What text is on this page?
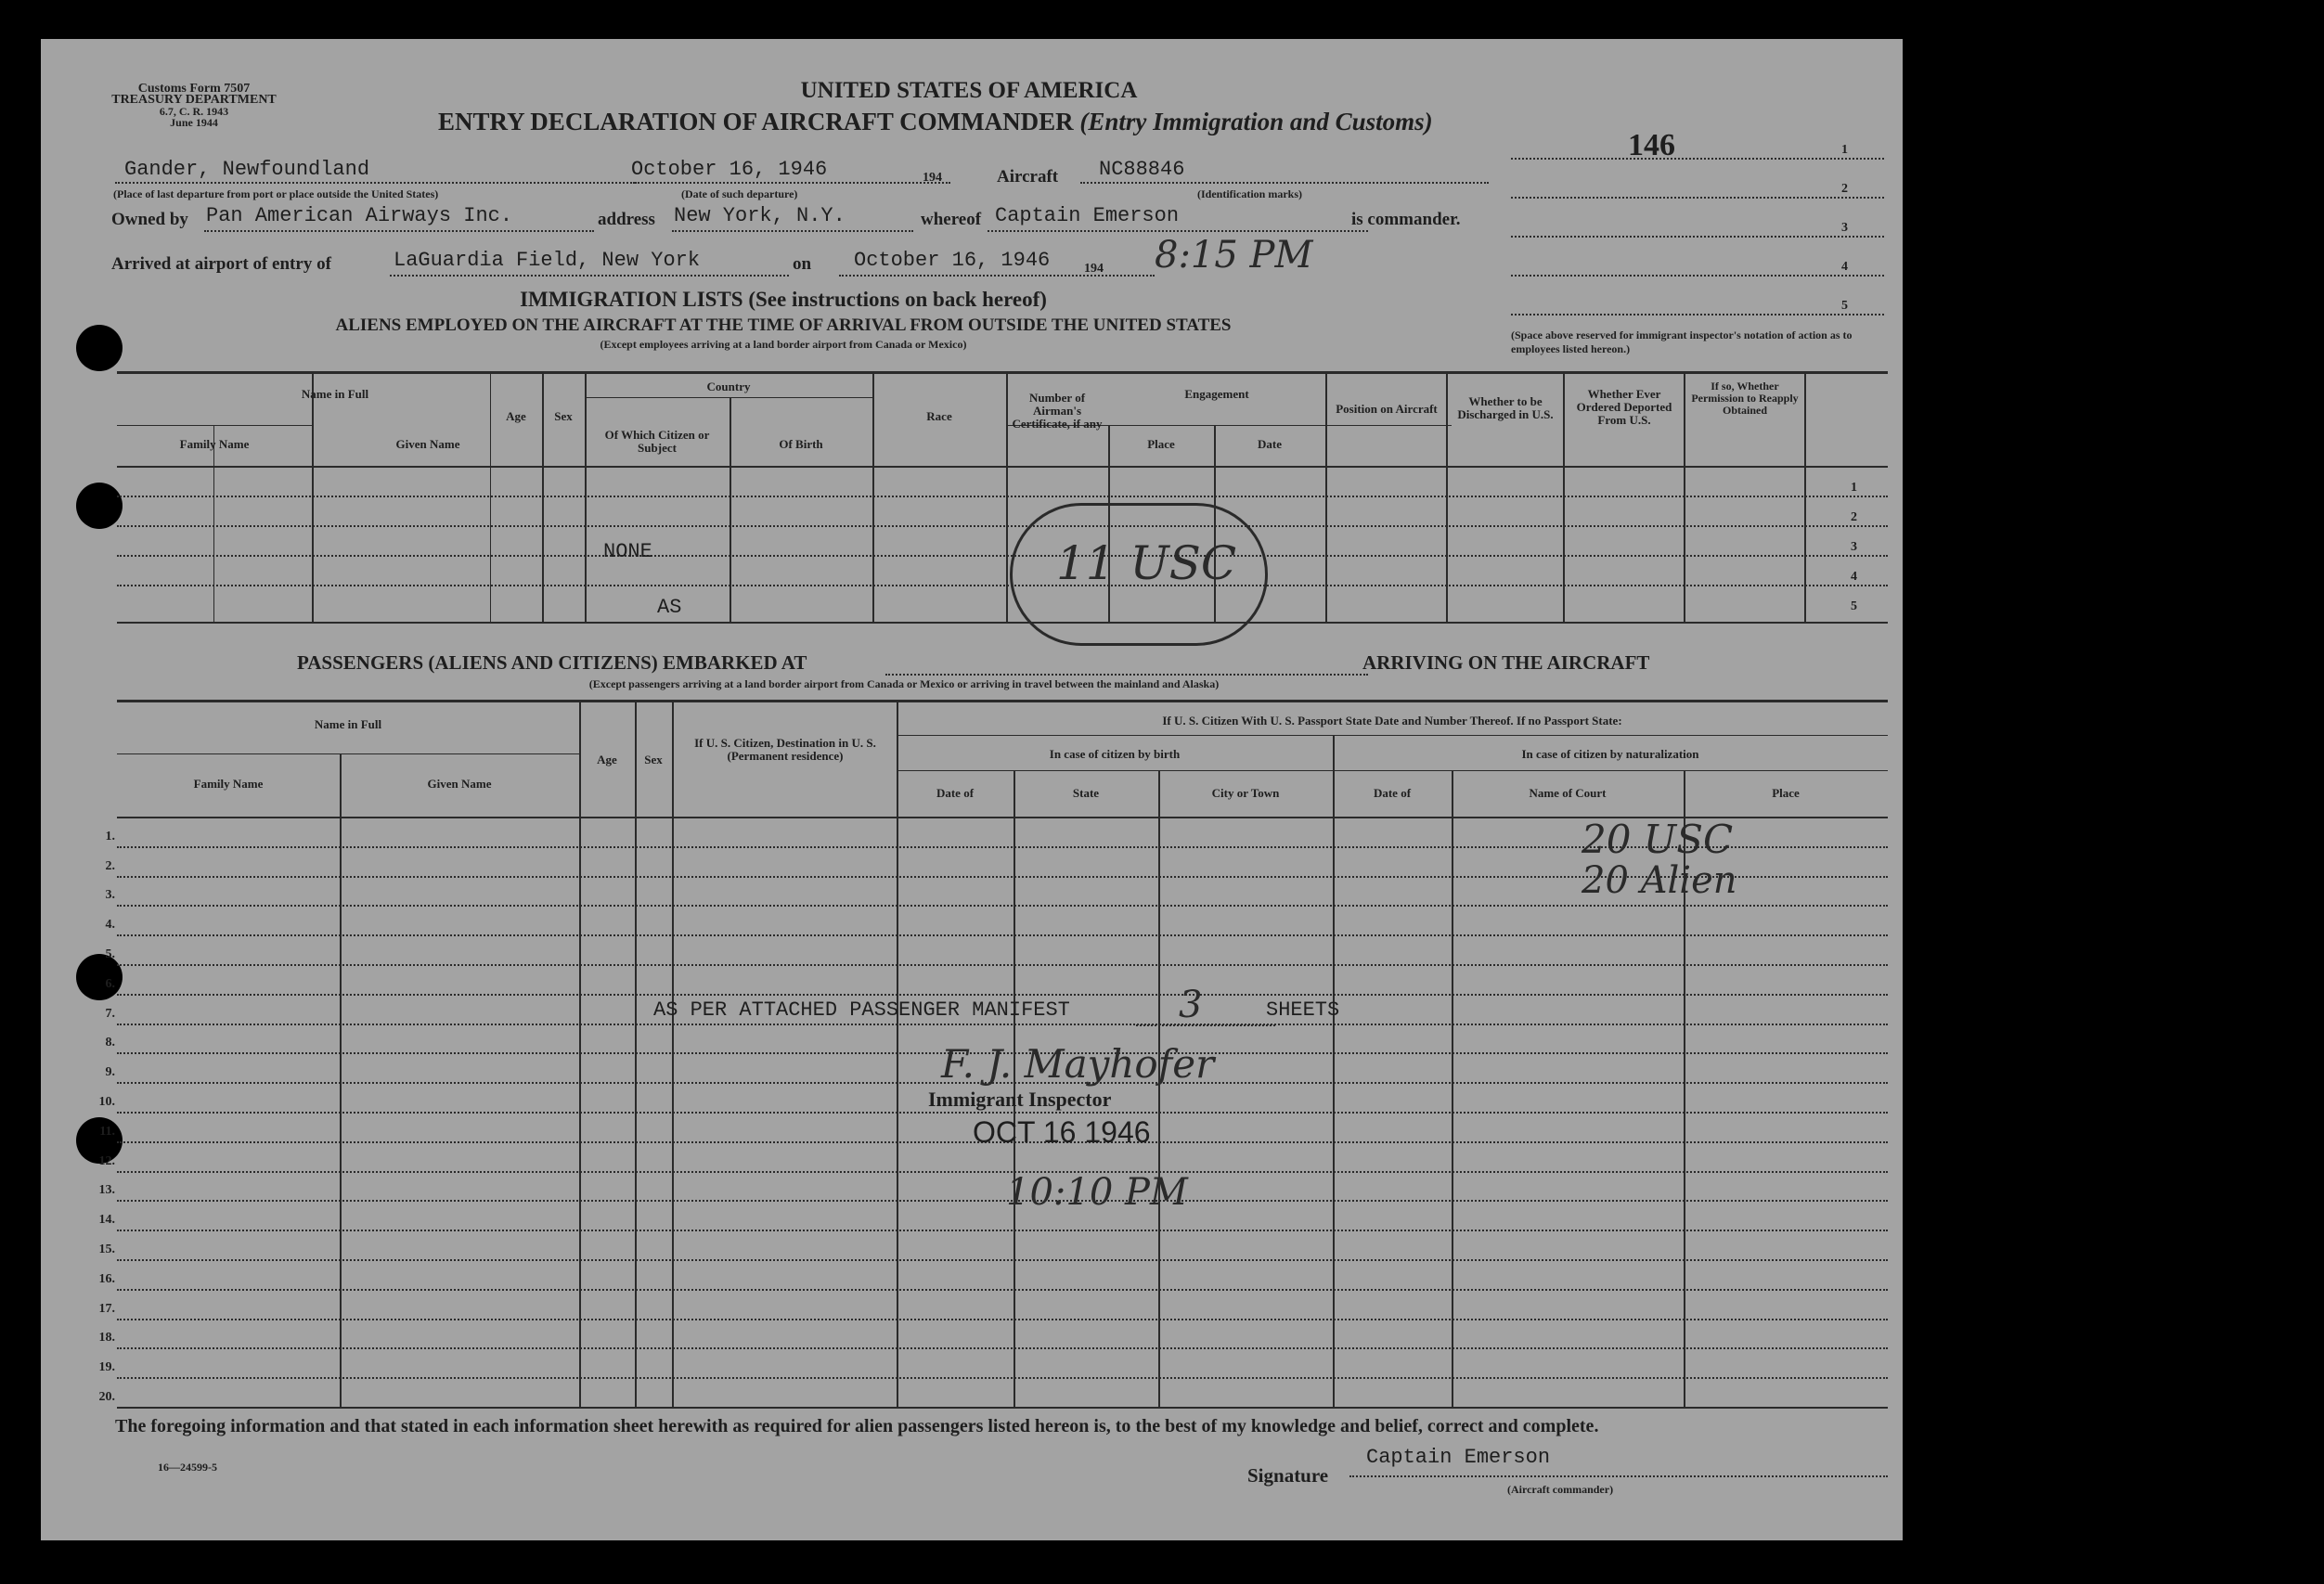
Customs Form 7507
TREASURY DEPARTMENT
6.7, C. R. 1943
June 1944
UNITED STATES OF AMERICA
ENTRY DECLARATION OF AIRCRAFT COMMANDER (Entry Immigration and Customs)
146	1
2
3
4
5
(Space above reserved for immigrant inspector's notation of action as to employees listed hereon.)
Gander, Newfoundland
(Place of last departure from port or place outside the United States)
October 16, 1946
(Date of such departure)
194	Aircraft NC88846
(Identification marks)
Owned by Pan American Airways Inc.	address New York, N.Y.	whereof Captain Emerson	is commander.
Arrived at airport of entry of	LaGuardia Field, New York	on October 16, 1946	194 8:15 PM
IMMIGRATION LISTS (See instructions on back hereof)
ALIENS EMPLOYED ON THE AIRCRAFT AT THE TIME OF ARRIVAL FROM OUTSIDE THE UNITED STATES
(Except employees arriving at a land border airport from Canada or Mexico)
Name in Full
Family Name	Given Name
Age	Sex
Country
Of Which Citizen or Subject	Of Birth
Race
Number of Airman's Certificate, if any
Engagement
Place	Date
Position on Aircraft
Whether to be Discharged in U.S.
Whether Ever Ordered Deported From U.S.
If so, Whether Permission to Reapply Obtained
1
2
3
4
5
NONE
AS
11 USC
PASSENGERS (ALIENS AND CITIZENS) EMBARKED AT	ARRIVING ON THE AIRCRAFT
(Except passengers arriving at a land border airport from Canada or Mexico or arriving in travel between the mainland and Alaska)
Name in Full
Family Name	Given Name
Age	Sex
If U. S. Citizen, Destination in U. S. (Permanent residence)
If U. S. Citizen With U. S. Passport State Date and Number Thereof. If no Passport State:
In case of citizen by birth	In case of citizen by naturalization
Date of	State	City or Town	Date of	Name of Court	Place
1.
2.
3.
4.
5.
6.
7.
8.
9.
10.
11.
12.
13.
14.
15.
16.
17.
18.
19.
20.
AS PER ATTACHED PASSENGER MANIFEST	3	SHEETS
20 USC
20 Alien
F. J. Mayhofer
Immigrant Inspector
OCT 16 1946
10:10 PM
The foregoing information and that stated in each information sheet herewith as required for alien passengers listed hereon is, to the best of my knowledge and belief, correct and complete.
16—24599-5	Signature
Captain Emerson
(Aircraft commander)
